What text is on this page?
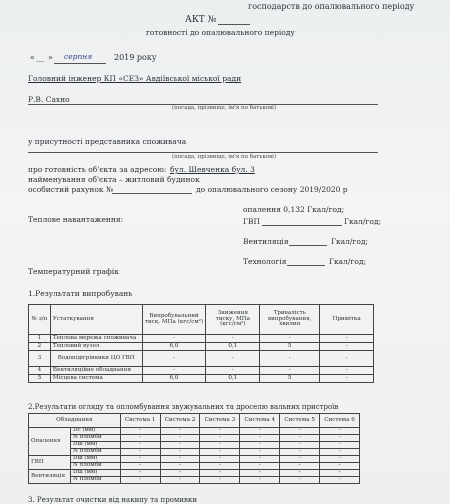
господарств до опалювального періоду
АКТ №
готовності до опалювального періоду
« __ » серпня	2019 року
Головний інженер КП «СЕЗ» Авдіївської міської ради
Р.В. Сахно
(посада, прізвище, ім'я по батькові)
у присутності представника споживача
(посада, прізвище, ім'я по батькові)
про готовність об'єкта за адресою: бул. Шевченка бул. 3
найменування об'єкта – житловий будинок
особистий рахунок №	до опалювального сезону 2019/2020 р
опалення 0,132 Гкал/год;
Теплове навантаження:	ГВП	Гкал/год;
Вентиляція	Гкал/год;
Технологія	Гкал/год;
Температурний графік
1.Результати випробувань
№ з/п	Устаткування	Випробувальний тиск, МПа (кгс/см²)	Зниження тиску, МПа (кгс/см²)	Тривалість випробування, хвилин	Примітка
1	Теплова мережа споживача	-	-	-	-
2	Тепловий вузол	6,0	0,1	5	-
3	Водопідігрівники ЦО ГВП	-	-	-	-
4	Вентиляційне обладнання	-	-	-	-
5	Місцева система	6,0	0,1	5	-
2.Результати огляду та опломбування звужувальних та дроселю вальних пристроїв
Обладнання		Система 1	Система 2	Система 3	Система 4	Система 5	Система 6
Опалення	Dc (мм)	-	-	-	-	-	-
	N пломби	-	-	-	-	-	-
	Dш (мм)	-	-	-	-	-	-
	N пломби	-	-	-	-	-	-
ГВП	Dш (мм)	-	-	-	-	-	-
	N пломби	-	-	-	-	-	-
Вентиляція	Dш (мм)	-	-	-	-	-	-
	N пломби	-	-	-	-	-	-
3. Результат очистки від накипу та промивки
